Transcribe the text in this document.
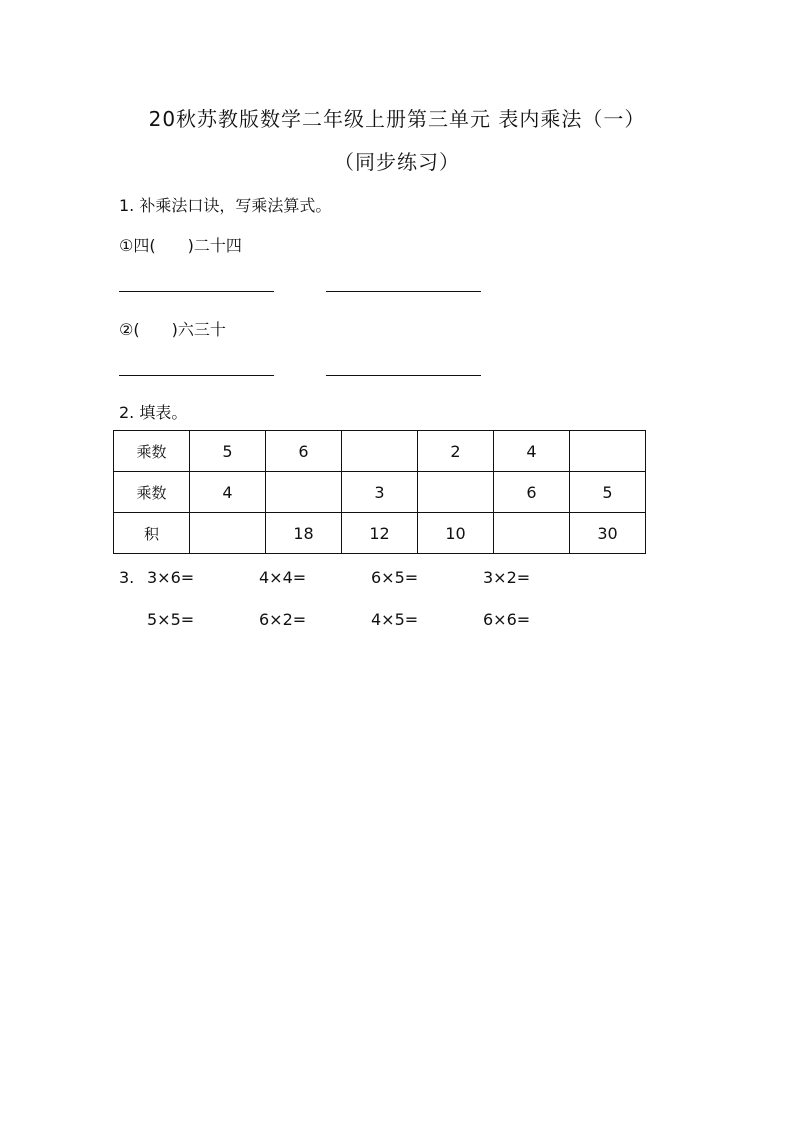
20秋苏教版数学二年级上册第三单元 表内乘法（一）
（同步练习）
1. 补乘法口诀，写乘法算式。
①四(　　)二十四
②(　　)六三十
2. 填表。
乘数	5	6		2	4	
乘数	4		3		6	5
积		18	12	10		30
3. 3×6=	4×4=	6×5=	3×2=
5×5=	6×2=	4×5=	6×6=
